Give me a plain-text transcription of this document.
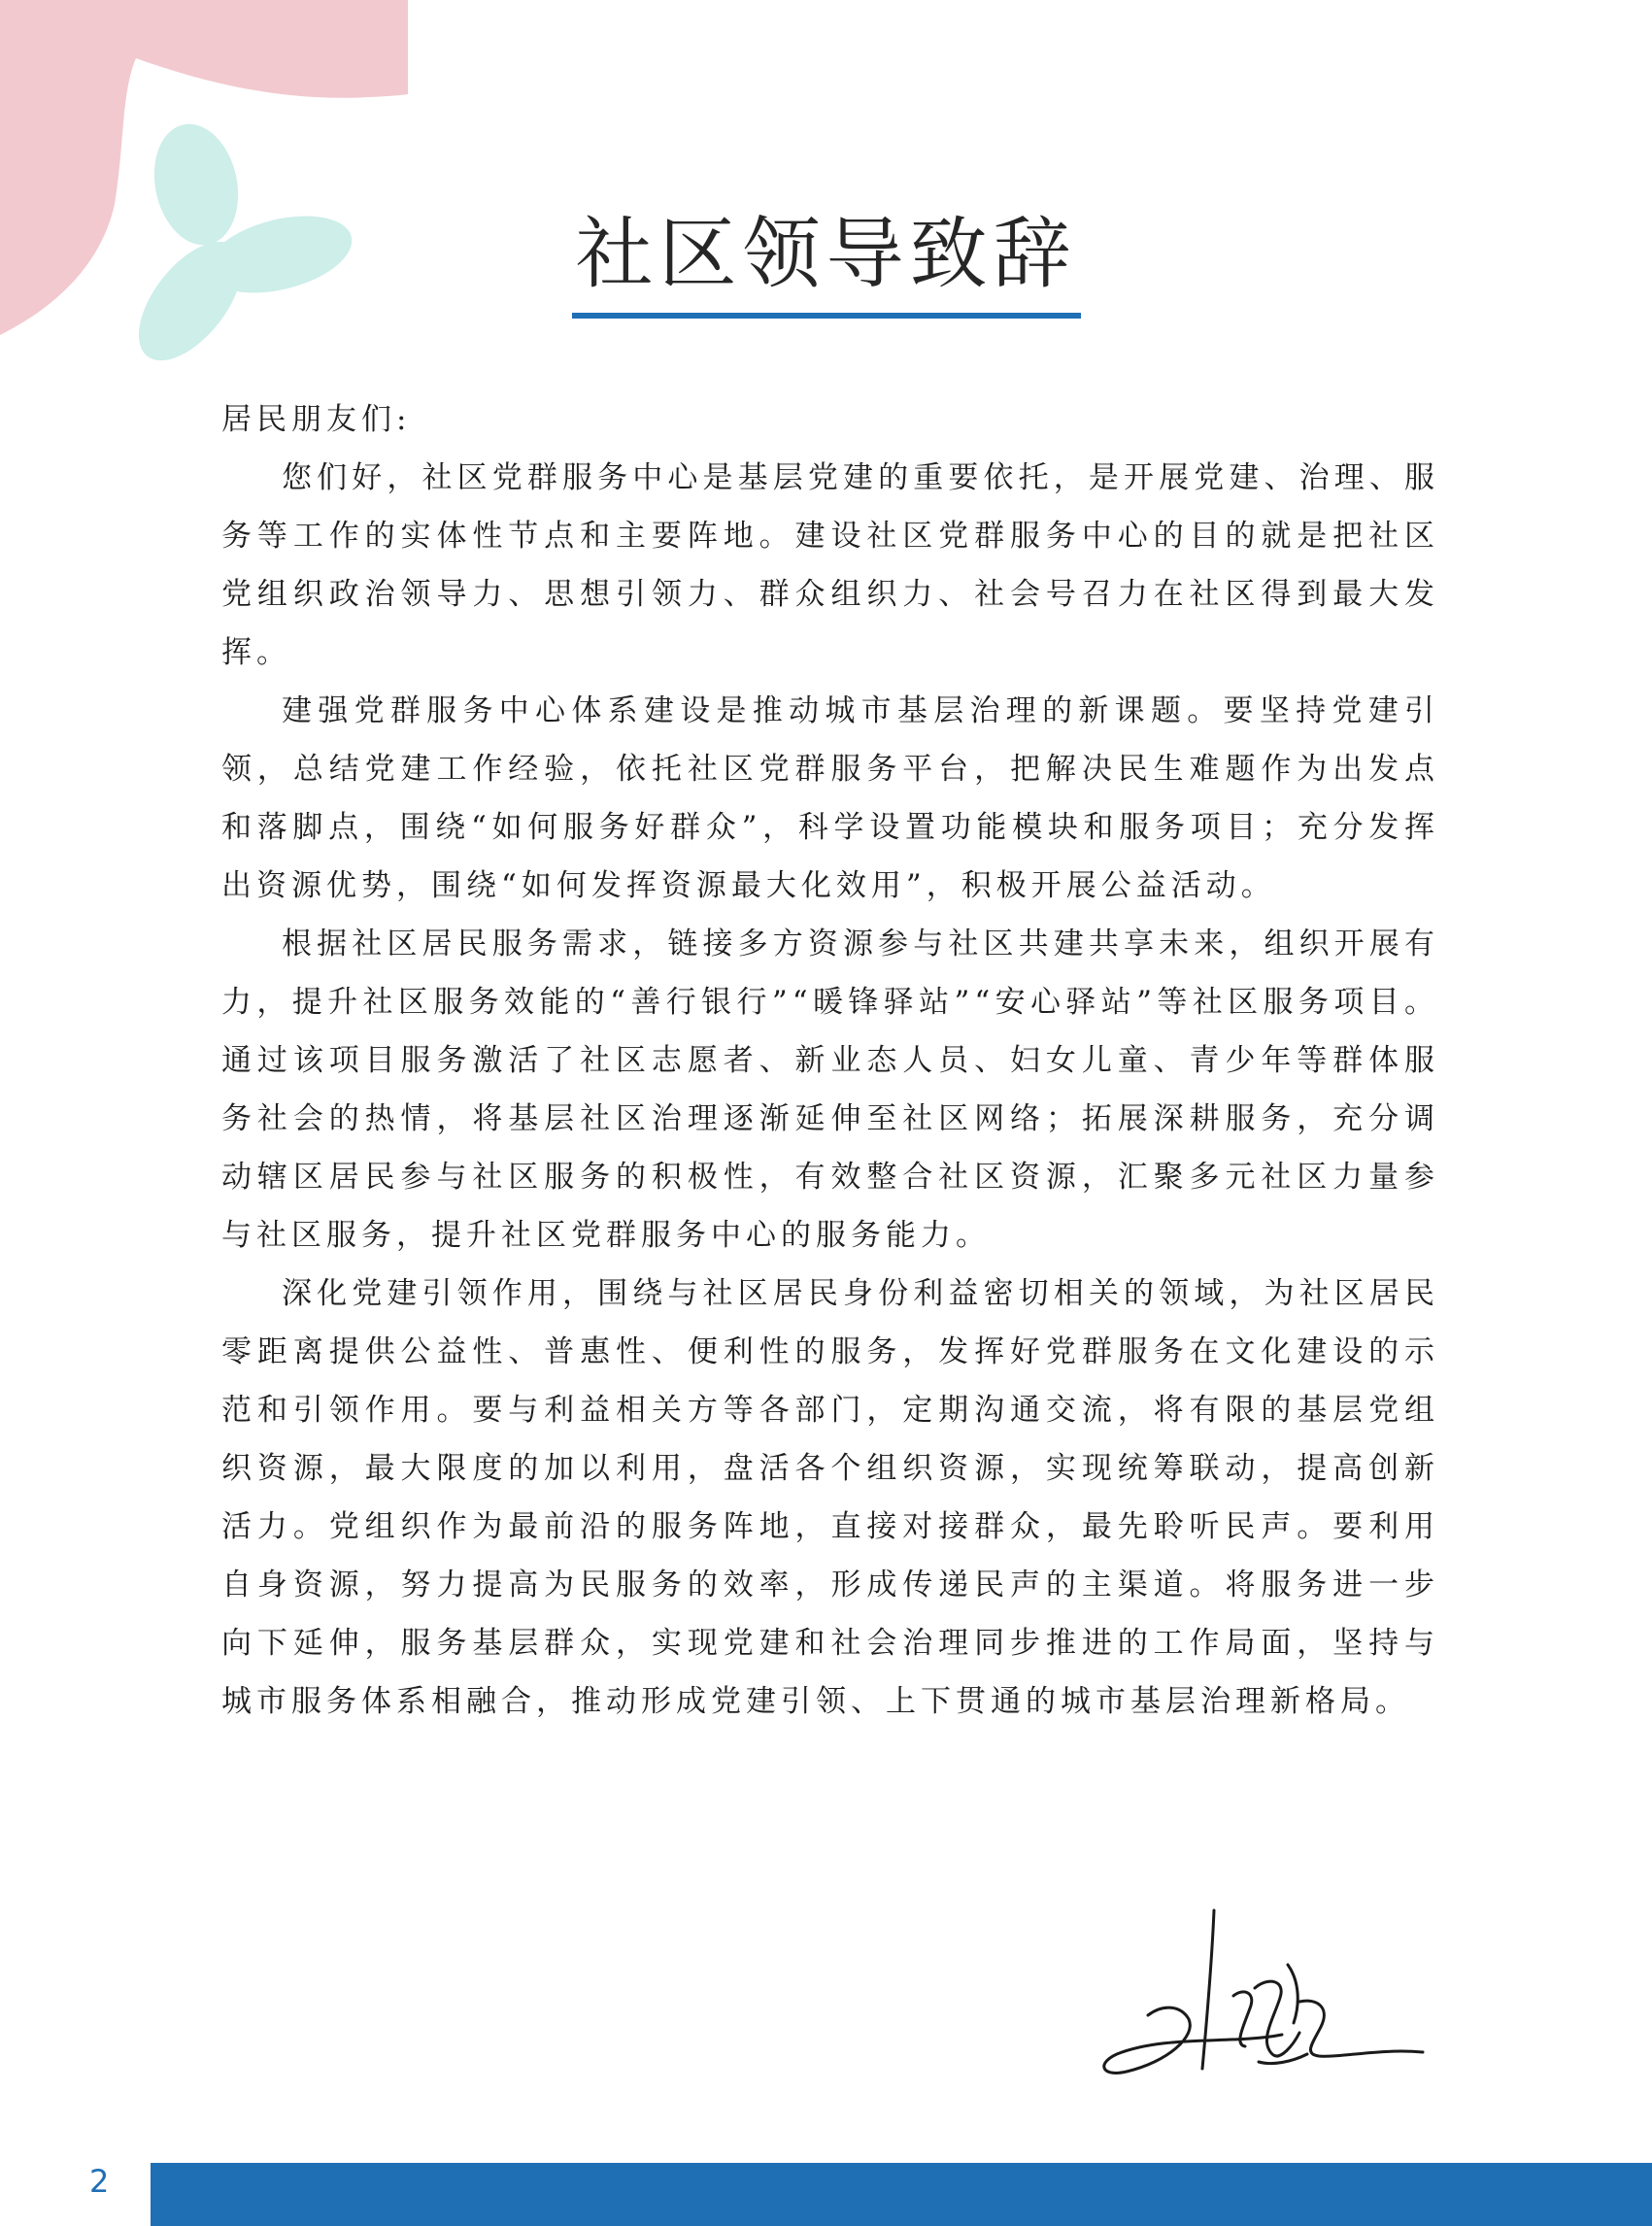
社区领导致辞

居民朋友们:

您们好，社区党群服务中心是基层党建的重要依托，是开展党建、治理、服务等工作的实体性节点和主要阵地。建设社区党群服务中心的目的就是把社区党组织政治领导力、思想引领力、群众组织力、社会号召力在社区得到最大发挥。

建强党群服务中心体系建设是推动城市基层治理的新课题。要坚持党建引领，总结党建工作经验，依托社区党群服务平台，把解决民生难题作为出发点和落脚点，围绕“如何服务好群众”，科学设置功能模块和服务项目；充分发挥出资源优势，围绕“如何发挥资源最大化效用”，积极开展公益活动。

根据社区居民服务需求，链接多方资源参与社区共建共享未来，组织开展有力，提升社区服务效能的“善行银行”“暖锋驿站”“安心驿站”等社区服务项目。通过该项目服务激活了社区志愿者、新业态人员、妇女儿童、青少年等群体服务社会的热情，将基层社区治理逐渐延伸至社区网络；拓展深耕服务，充分调动辖区居民参与社区服务的积极性，有效整合社区资源，汇聚多元社区力量参与社区服务，提升社区党群服务中心的服务能力。

深化党建引领作用，围绕与社区居民身份利益密切相关的领域，为社区居民零距离提供公益性、普惠性、便利性的服务，发挥好党群服务在文化建设的示范和引领作用。要与利益相关方等各部门，定期沟通交流，将有限的基层党组织资源，最大限度的加以利用，盘活各个组织资源，实现统筹联动，提高创新活力。党组织作为最前沿的服务阵地，直接对接群众，最先聆听民声。要利用自身资源，努力提高为民服务的效率，形成传递民声的主渠道。将服务进一步向下延伸，服务基层群众，实现党建和社会治理同步推进的工作局面，坚持与城市服务体系相融合，推动形成党建引领、上下贯通的城市基层治理新格局。

2
